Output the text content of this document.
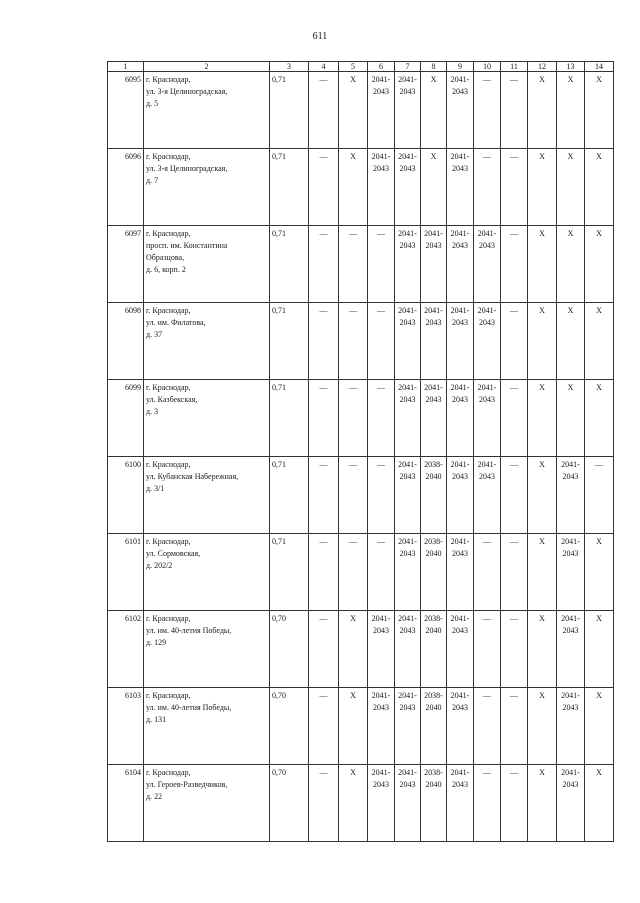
611
1	2	3	4	5	6	7	8	9	10	11	12	13	14
6095	г. Краснодар,
ул. 3-я Целиноградская,
д. 5	0,71	—	X	2041-
2043	2041-
2043	X	2041-
2043	—	—	X	X	X
6096	г. Краснодар,
ул. 3-я Целиноградская,
д. 7	0,71	—	X	2041-
2043	2041-
2043	X	2041-
2043	—	—	X	X	X
6097	г. Краснодар,
просп. им. Константина
Образцова,
д. 6, корп. 2	0,71	—	—	—	2041-
2043	2041-
2043	2041-
2043	2041-
2043	—	X	X	X
6098	г. Краснодар,
ул. им. Филатова,
д. 37	0,71	—	—	—	2041-
2043	2041-
2043	2041-
2043	2041-
2043	—	X	X	X
6099	г. Краснодар,
ул. Казбекская,
д. 3	0,71	—	—	—	2041-
2043	2041-
2043	2041-
2043	2041-
2043	—	X	X	X
6100	г. Краснодар,
ул. Кубанская Набережная,
д. 3/1	0,71	—	—	—	2041-
2043	2038-
2040	2041-
2043	2041-
2043	—	X	2041-
2043	—
6101	г. Краснодар,
ул. Сормовская,
д. 202/2	0,71	—	—	—	2041-
2043	2038-
2040	2041-
2043	—	—	X	2041-
2043	X
6102	г. Краснодар,
ул. им. 40-летия Победы,
д. 129	0,70	—	X	2041-
2043	2041-
2043	2038-
2040	2041-
2043	—	—	X	2041-
2043	X
6103	г. Краснодар,
ул. им. 40-летия Победы,
д. 131	0,70	—	X	2041-
2043	2041-
2043	2038-
2040	2041-
2043	—	—	X	2041-
2043	X
6104	г. Краснодар,
ул. Героев-Разведчиков,
д. 22	0,70	—	X	2041-
2043	2041-
2043	2038-
2040	2041-
2043	—	—	X	2041-
2043	X
